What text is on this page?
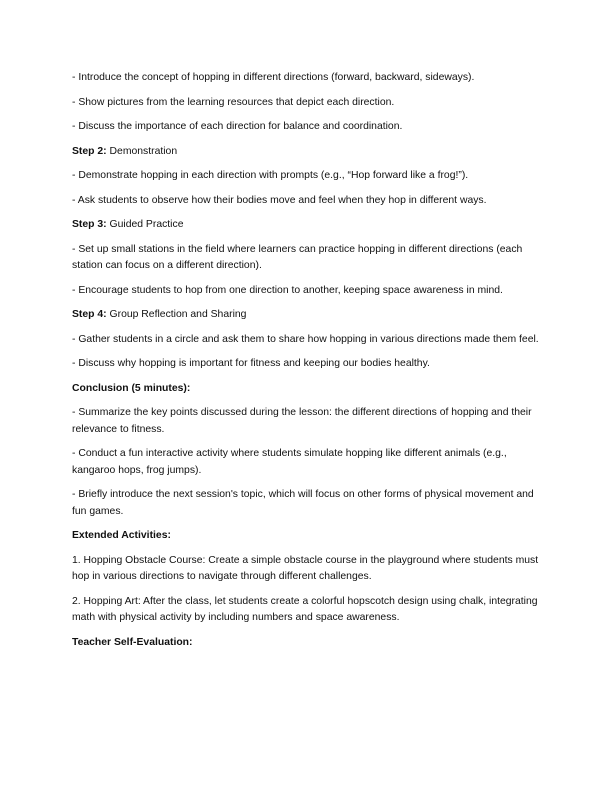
- Introduce the concept of hopping in different directions (forward, backward, sideways).

- Show pictures from the learning resources that depict each direction.

- Discuss the importance of each direction for balance and coordination.

Step 2: Demonstration

- Demonstrate hopping in each direction with prompts (e.g., “Hop forward like a frog!”).

- Ask students to observe how their bodies move and feel when they hop in different ways.

Step 3: Guided Practice

- Set up small stations in the field where learners can practice hopping in different directions (each station can focus on a different direction).

- Encourage students to hop from one direction to another, keeping space awareness in mind.

Step 4: Group Reflection and Sharing

- Gather students in a circle and ask them to share how hopping in various directions made them feel.

- Discuss why hopping is important for fitness and keeping our bodies healthy.

Conclusion (5 minutes):

- Summarize the key points discussed during the lesson: the different directions of hopping and their relevance to fitness.

- Conduct a fun interactive activity where students simulate hopping like different animals (e.g., kangaroo hops, frog jumps).

- Briefly introduce the next session's topic, which will focus on other forms of physical movement and fun games.

Extended Activities:

1. Hopping Obstacle Course: Create a simple obstacle course in the playground where students must hop in various directions to navigate through different challenges.

2. Hopping Art: After the class, let students create a colorful hopscotch design using chalk, integrating math with physical activity by including numbers and space awareness.

Teacher Self-Evaluation:
